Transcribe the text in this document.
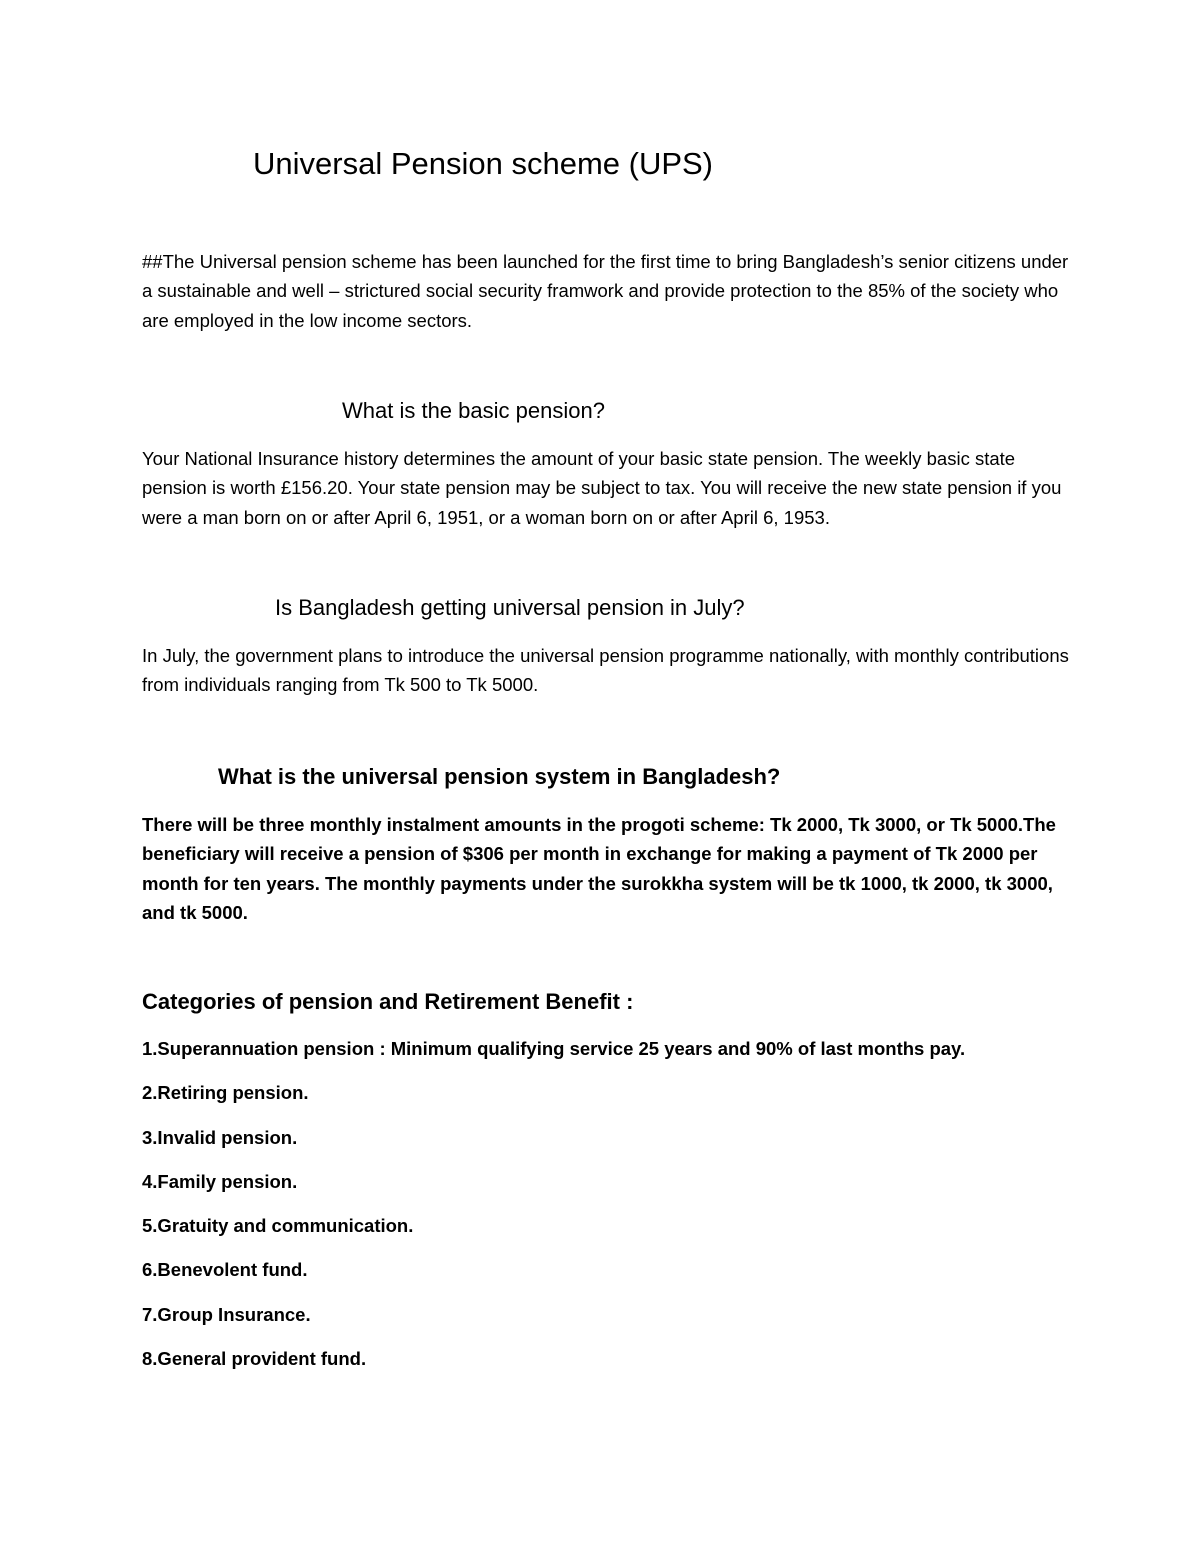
Universal Pension scheme (UPS)

##The Universal pension scheme has been launched for the first time to bring Bangladesh’s senior citizens under a sustainable and well – strictured social security framwork and provide protection to the 85% of the society who are employed in the low income sectors.

What is the basic pension?

Your National Insurance history determines the amount of your basic state pension. The weekly basic state pension is worth £156.20. Your state pension may be subject to tax. You will receive the new state pension if you were a man born on or after April 6, 1951, or a woman born on or after April 6, 1953.

Is Bangladesh getting universal pension in July?

In July, the government plans to introduce the universal pension programme nationally, with monthly contributions from individuals ranging from Tk 500 to Tk 5000.

What is the universal pension system in Bangladesh?

There will be three monthly instalment amounts in the progoti scheme: Tk 2000, Tk 3000, or Tk 5000.The beneficiary will receive a pension of $306 per month in exchange for making a payment of Tk 2000 per month for ten years. The monthly payments under the surokkha system will be tk 1000, tk 2000, tk 3000, and tk 5000.

Categories of pension and Retirement Benefit :
1.Superannuation pension : Minimum qualifying service 25 years and 90% of last months pay.
2.Retiring pension.
3.Invalid pension.
4.Family pension.
5.Gratuity and communication.
6.Benevolent fund.
7.Group Insurance.
8.General provident fund.
